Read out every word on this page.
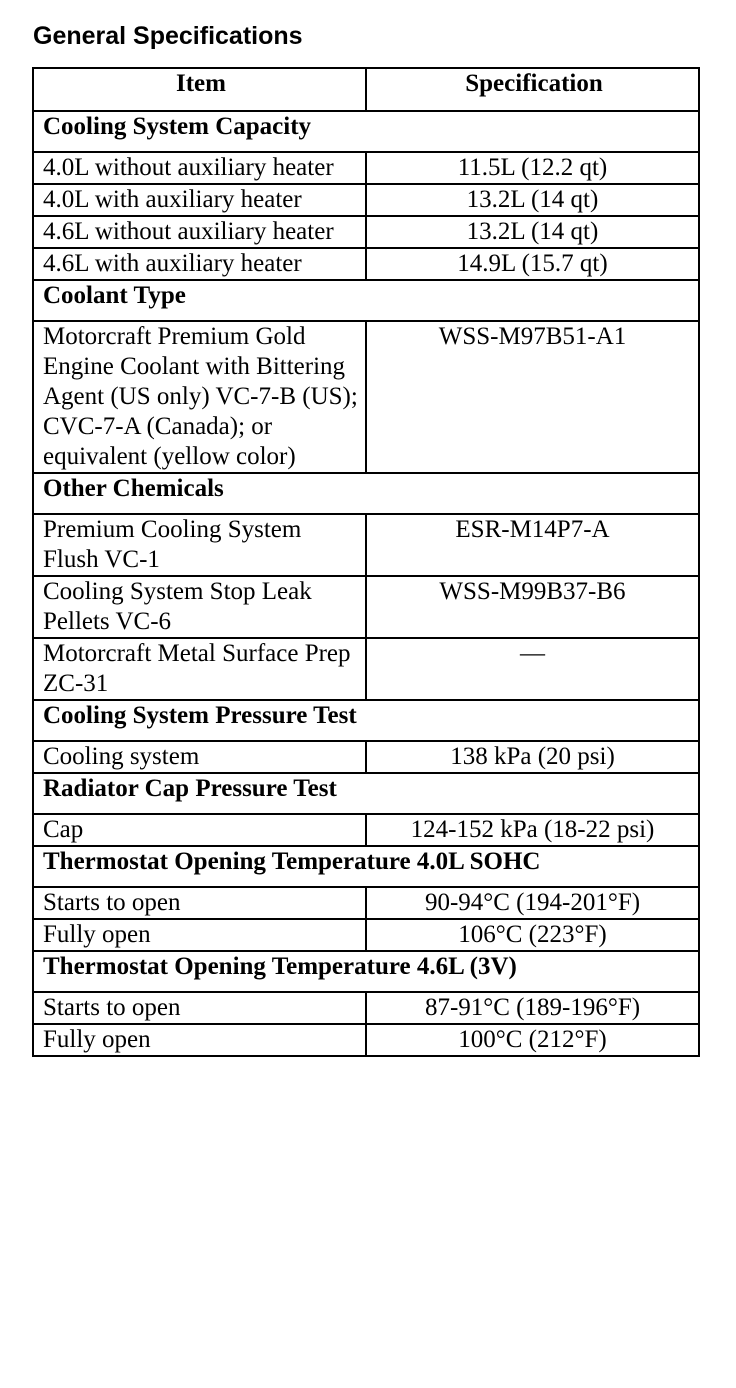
General Specifications
Item	Specification
Cooling System Capacity	
4.0L without auxiliary heater	11.5L (12.2 qt)
4.0L with auxiliary heater	13.2L (14 qt)
4.6L without auxiliary heater	13.2L (14 qt)
4.6L with auxiliary heater	14.9L (15.7 qt)
Coolant Type	
Motorcraft Premium Gold Engine Coolant with Bittering Agent (US only) VC-7-B (US); CVC-7-A (Canada); or equivalent (yellow color)	WSS-M97B51-A1
Other Chemicals	
Premium Cooling System Flush VC-1	ESR-M14P7-A
Cooling System Stop Leak Pellets VC-6	WSS-M99B37-B6
Motorcraft Metal Surface Prep ZC-31	—
Cooling System Pressure Test	
Cooling system	138 kPa (20 psi)
Radiator Cap Pressure Test	
Cap	124-152 kPa (18-22 psi)
Thermostat Opening Temperature 4.0L SOHC	
Starts to open	90-94°C (194-201°F)
Fully open	106°C (223°F)
Thermostat Opening Temperature 4.6L (3V)	
Starts to open	87-91°C (189-196°F)
Fully open	100°C (212°F)
